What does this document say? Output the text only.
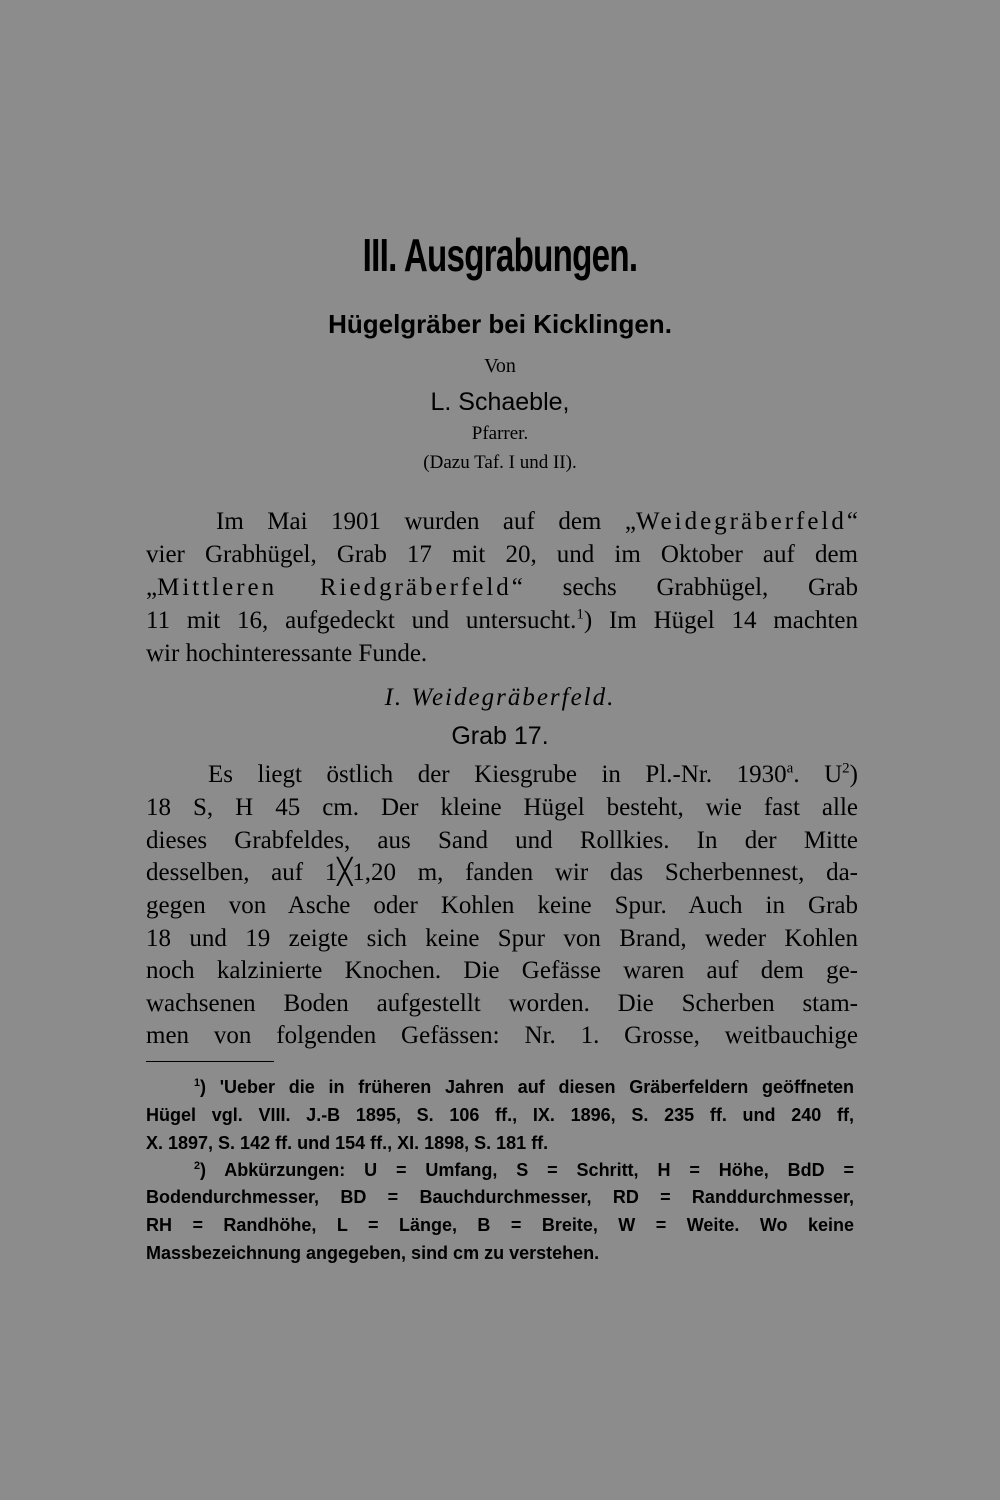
III. Ausgrabungen.
Hügelgräber bei Kicklingen.
Von
L. Schaeble,
Pfarrer.
(Dazu Taf. I und II).
Im Mai 1901 wurden auf dem „Weidegräberfeld“
vier Grabhügel, Grab 17 mit 20, und im Oktober auf dem
„Mittleren Riedgräberfeld“ sechs Grabhügel, Grab
11 mit 16, aufgedeckt und untersucht.$^1$) Im Hügel 14 machten
wir hochinteressante Funde.
I. Weidegräberfeld.
Grab 17.
Es liegt östlich der Kiesgrube in Pl.-Nr. 1930$^a$. $U^2$)
18 S, H 45 cm. Der kleine Hügel besteht, wie fast alle
dieses Grabfeldes, aus Sand und Rollkies. In der Mitte
desselben, auf 1╳1,20 m, fanden wir das Scherbennest, da-
gegen von Asche oder Kohlen keine Spur. Auch in Grab
18 und 19 zeigte sich keine Spur von Brand, weder Kohlen
noch kalzinierte Knochen. Die Gefässe waren auf dem ge-
wachsenen Boden aufgestellt worden. Die Scherben stam-
men von folgenden Gefässen: Nr. 1. Grosse, weitbauchige
$^1$) 'Ueber die in früheren Jahren auf diesen Gräberfeldern geöffneten
Hügel vgl. VIII. J.-B 1895, S. 106 ff., IX. 1896, S. 235 ff. und 240 ff,
X. 1897, S. 142 ff. und 154 ff., XI. 1898, S. 181 ff.
$^2$) Abkürzungen: U = Umfang, S = Schritt, H = Höhe, BdD =
Bodendurchmesser, BD = Bauchdurchmesser, RD = Randdurchmesser,
RH = Randhöhe, L = Länge, B = Breite, W = Weite. Wo keine
Massbezeichnung angegeben, sind cm zu verstehen.
